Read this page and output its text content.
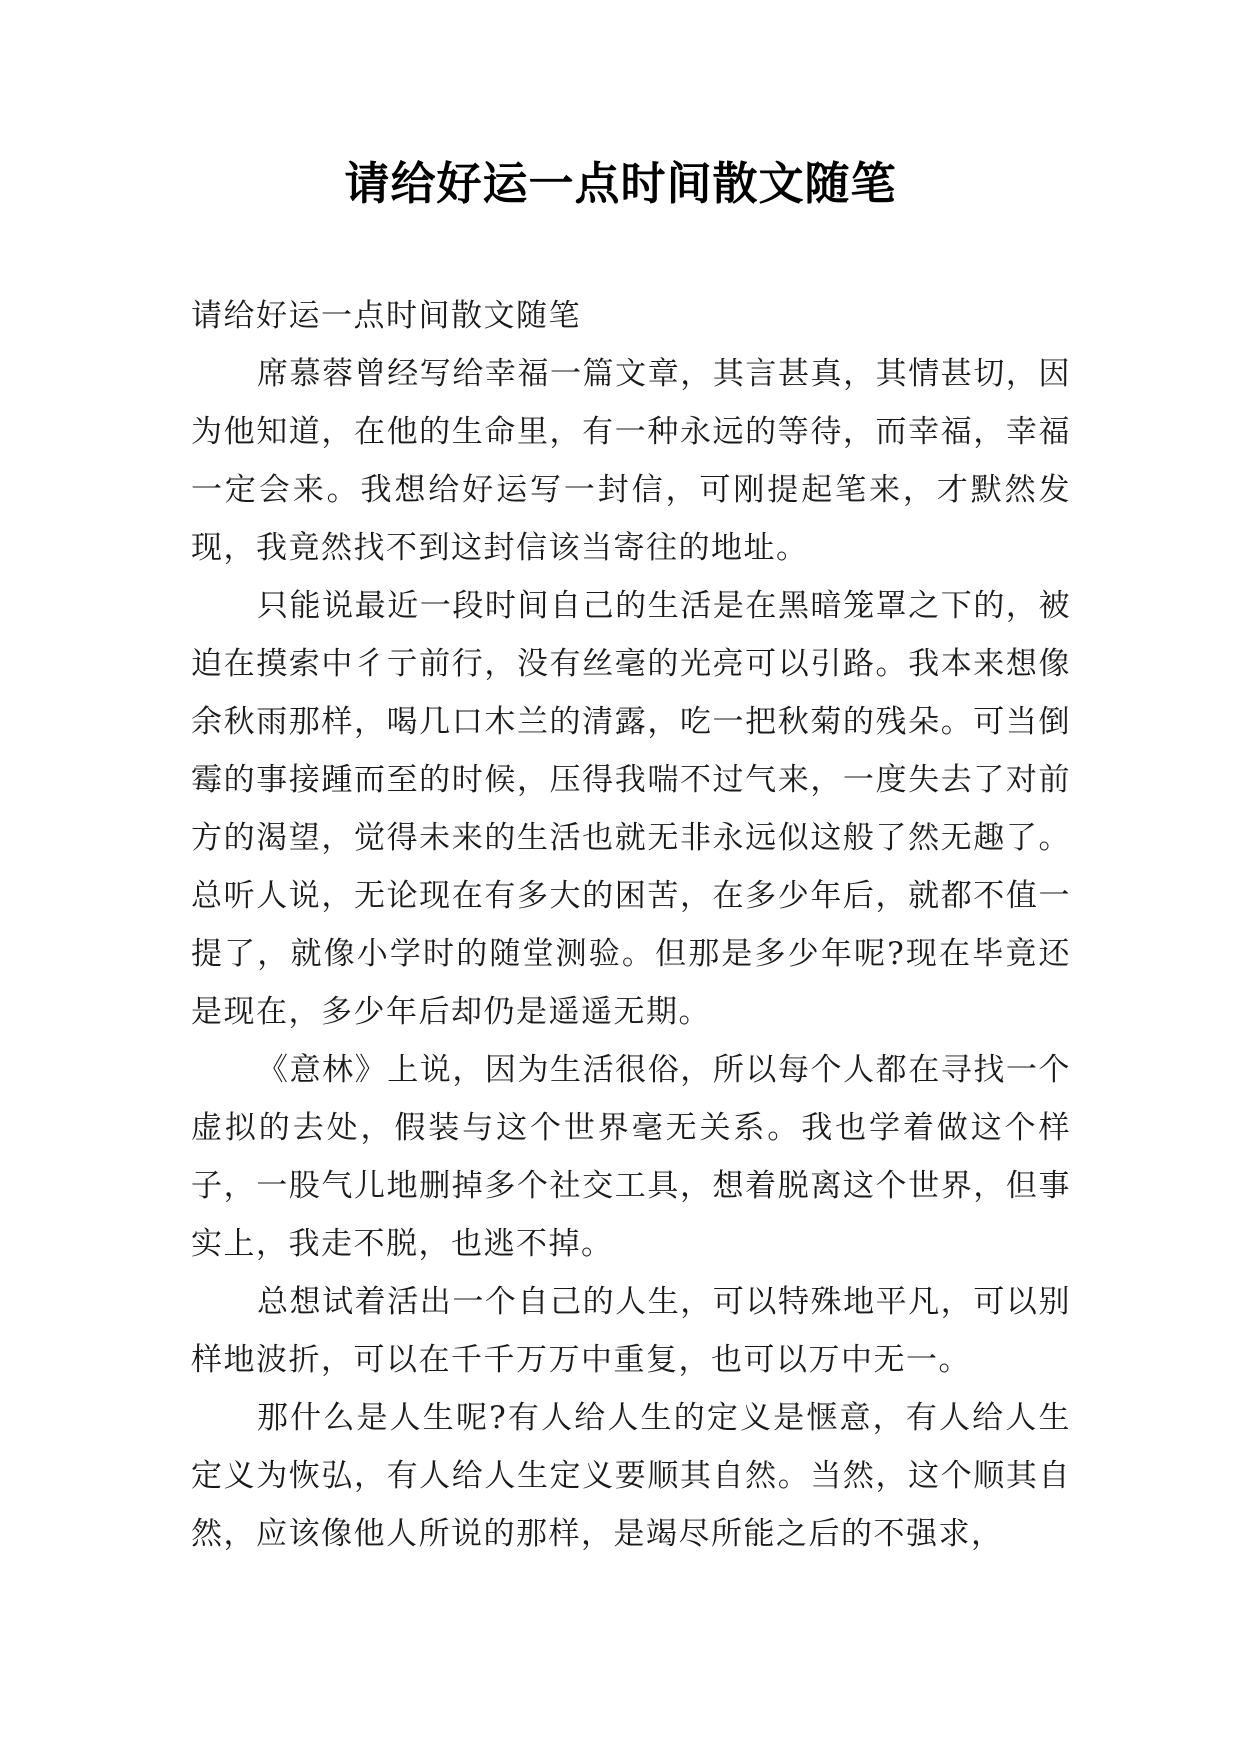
请给好运一点时间散文随笔

请给好运一点时间散文随笔

席慕蓉曾经写给幸福一篇文章，其言甚真，其情甚切，因为他知道，在他的生命里，有一种永远的等待，而幸福，幸福一定会来。我想给好运写一封信，可刚提起笔来，才默然发现，我竟然找不到这封信该当寄往的地址。

只能说最近一段时间自己的生活是在黑暗笼罩之下的，被迫在摸索中彳亍前行，没有丝毫的光亮可以引路。我本来想像余秋雨那样，喝几口木兰的清露，吃一把秋菊的残朵。可当倒霉的事接踵而至的时候，压得我喘不过气来，一度失去了对前方的渴望，觉得未来的生活也就无非永远似这般了然无趣了。 总听人说，无论现在有多大的困苦，在多少年后，就都不值一提了，就像小学时的随堂测验。但那是多少年呢?现在毕竟还是现在，多少年后却仍是遥遥无期。

《意林》上说，因为生活很俗，所以每个人都在寻找一个虚拟的去处，假装与这个世界毫无关系。我也学着做这个样子，一股气儿地删掉多个社交工具，想着脱离这个世界，但事实上，我走不脱，也逃不掉。

总想试着活出一个自己的人生，可以特殊地平凡，可以别样地波折，可以在千千万万中重复，也可以万中无一。

那什么是人生呢?有人给人生的定义是惬意，有人给人生定义为恢弘，有人给人生定义要顺其自然。当然，这个顺其自然，应该像他人所说的那样，是竭尽所能之后的不强求，
